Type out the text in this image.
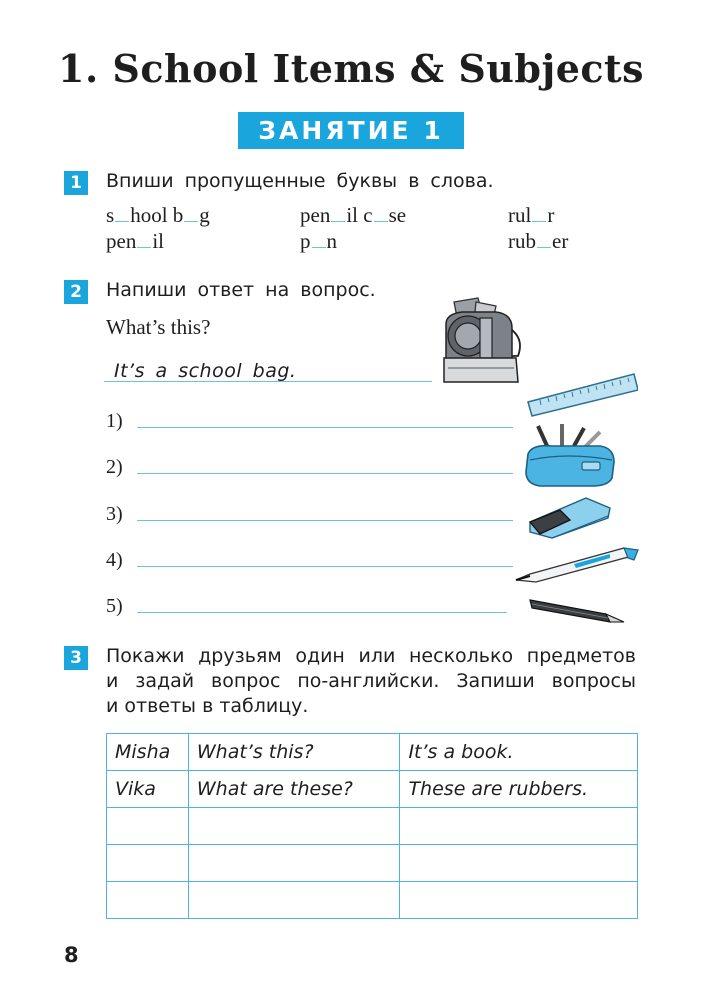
1. School Items & Subjects
ЗАНЯТИЕ 1
1	Впиши пропущенные буквы в слова.
s hool b g	pen il c se	rul r
pen il	p n	rub er
2	Напиши ответ на вопрос.
What’s this?
It’s a school bag.
1)
2)
3)
4)
5)
3	Покажи друзьям один или несколько предметов
и задай вопрос по-английски. Запиши вопросы
и ответы в таблицу.
Misha	What’s this?	It’s a book.
Vika	What are these?	These are rubbers.

8
